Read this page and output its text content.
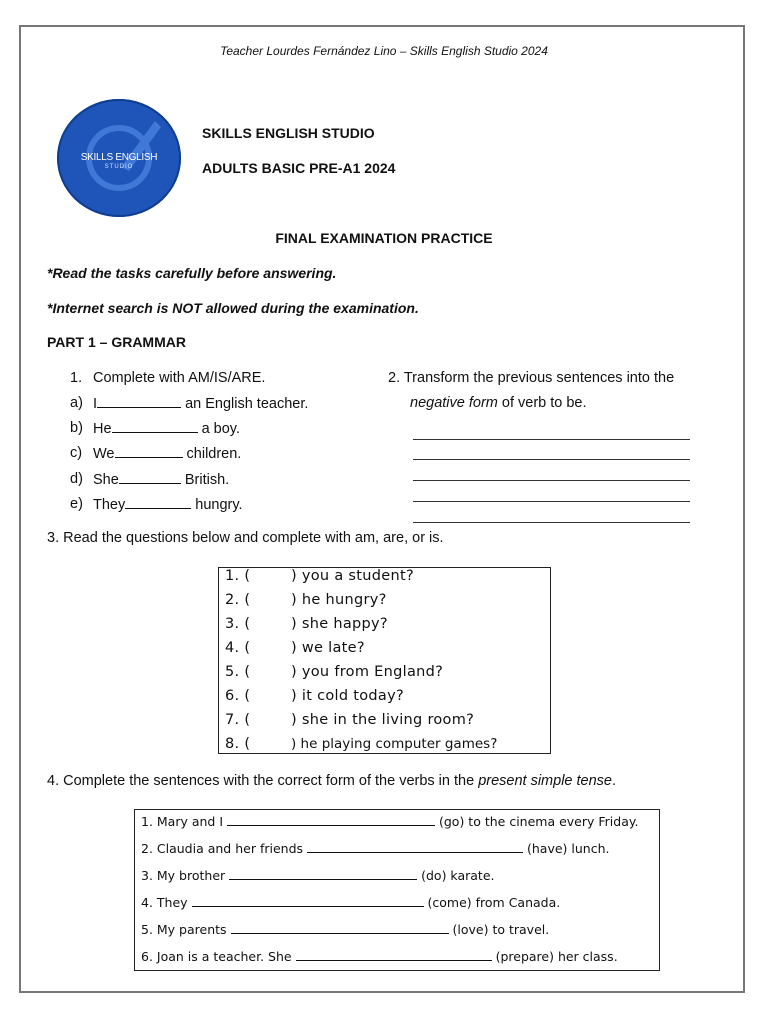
Teacher Lourdes Fernández Lino – Skills English Studio 2024
SKILLS ENGLISH
STUDIO
SKILLS ENGLISH STUDIO
ADULTS BASIC PRE-A1 2024
FINAL EXAMINATION PRACTICE
*Read the tasks carefully before answering.
*Internet search is NOT allowed during the examination.
PART 1 – GRAMMAR
1. Complete with AM/IS/ARE.
a) I	an English teacher.
b) He	a boy.
c) We	children.
d) She	British.
e) They	hungry.
2. Transform the previous sentences into the
negative form of verb to be.
3. Read the questions below and complete with am, are, or is.
1. (	) you a student?
2. (	) he hungry?
3. (	) she happy?
4. (	) we late?
5. (	) you from England?
6. (	) it cold today?
7. (	) she in the living room?
8. (	) he playing computer games?
4. Complete the sentences with the correct form of the verbs in the present simple tense.
1. Mary and I	(go) to the cinema every Friday.
2. Claudia and her friends	(have) lunch.
3. My brother	(do) karate.
4. They	(come) from Canada.
5. My parents	(love) to travel.
6. Joan is a teacher. She	(prepare) her class.
